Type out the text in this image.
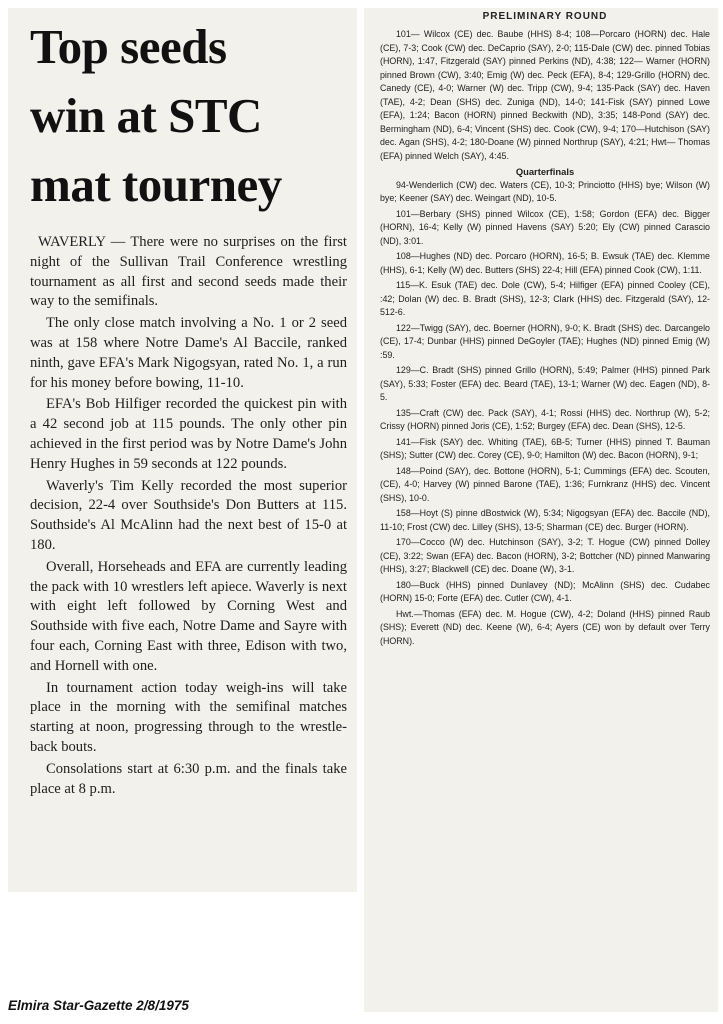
Top seeds
win at STC
mat tourney

WAVERLY — There were no surprises on the first night of the Sullivan Trail Conference wrestling tournament as all first and second seeds made their way to the semifinals.

The only close match involving a No. 1 or 2 seed was at 158 where Notre Dame's Al Baccile, ranked ninth, gave EFA's Mark Nigogsyan, rated No. 1, a run for his money before bowing, 11-10.

EFA's Bob Hilfiger recorded the quickest pin with a 42 second job at 115 pounds. The only other pin achieved in the first period was by Notre Dame's John Henry Hughes in 59 seconds at 122 pounds.

Waverly's Tim Kelly recorded the most superior decision, 22-4 over Southside's Don Butters at 115. Southside's Al McAlinn had the next best of 15-0 at 180.

Overall, Horseheads and EFA are currently leading the pack with 10 wrestlers left apiece. Waverly is next with eight left followed by Corning West and Southside with five each, Notre Dame and Sayre with four each, Corning East with three, Edison with two, and Hornell with one.

In tournament action today weigh-ins will take place in the morning with the semifinal matches starting at noon, progressing through to the wrestle-back bouts.

Consolations start at 6:30 p.m. and the finals take place at 8 p.m.

PRELIMINARY ROUND

101— Wilcox (CE) dec. Baube (HHS) 8-4; 108—Porcaro (HORN) dec. Hale (CE), 7-3; Cook (CW) dec. DeCaprio (SAY), 2-0; 115-Dale (CW) dec. pinned Tobias (HORN), 1:47, Fitzgerald (SAY) pinned Perkins (ND), 4:38; 122— Warner (HORN) pinned Brown (CW), 3:40; Emig (W) dec. Peck (EFA), 8-4; 129-Grillo (HORN) dec. Canedy (CE), 4-0; Warner (W) dec. Tripp (CW), 9-4; 135-Pack (SAY) dec. Haven (TAE), 4-2; Dean (SHS) dec. Zuniga (ND), 14-0; 141-Fisk (SAY) pinned Lowe (EFA), 1:24; Bacon (HORN) pinned Beckwith (ND), 3:35; 148-Pond (SAY) dec. Bermingham (ND), 6-4; Vincent (SHS) dec. Cook (CW), 9-4; 170—Hutchison (SAY) dec. Agan (SHS), 4-2; 180-Doane (W) pinned Northrup (SAY), 4:21; Hwt— Thomas (EFA) pinned Welch (SAY), 4:45.

Quarterfinals

94-Wenderlich (CW) dec. Waters (CE), 10-3; Princiotto (HHS) bye; Wilson (W) bye; Keener (SAY) dec. Weingart (ND), 10-5.

101—Berbary (SHS) pinned Wilcox (CE), 1:58; Gordon (EFA) dec. Bigger (HORN), 16-4; Kelly (W) pinned Havens (SAY) 5:20; Ely (CW) pinned Carascio (ND), 3:01.

108—Hughes (ND) dec. Porcaro (HORN), 16-5; B. Ewsuk (TAE) dec. Klemme (HHS), 6-1; Kelly (W) dec. Butters (SHS) 22-4; Hill (EFA) pinned Cook (CW), 1:11.

115—K. Esuk (TAE) dec. Dole (CW), 5-4; Hilfiger (EFA) pinned Cooley (CE), :42; Dolan (W) dec. B. Bradt (SHS), 12-3; Clark (HHS) dec. Fitzgerald (SAY), 12-512-6.

122—Twigg (SAY), dec. Boerner (HORN), 9-0; K. Bradt (SHS) dec. Darcangelo (CE), 17-4; Dunbar (HHS) pinned DeGoyler (TAE); Hughes (ND) pinned Emig (W) :59.

129—C. Bradt (SHS) pinned Grillo (HORN), 5:49; Palmer (HHS) pinned Park (SAY), 5:33; Foster (EFA) dec. Beard (TAE), 13-1; Warner (W) dec. Eagen (ND), 8-5.

135—Craft (CW) dec. Pack (SAY), 4-1; Rossi (HHS) dec. Northrup (W), 5-2; Crissy (HORN) pinned Joris (CE), 1:52; Burgey (EFA) dec. Dean (SHS), 12-5.

141—Fisk (SAY) dec. Whiting (TAE), 6B-5; Turner (HHS) pinned T. Bauman (SHS); Sutter (CW) dec. Corey (CE), 9-0; Hamilton (W) dec. Bacon (HORN), 9-1;

148—Poind (SAY), dec. Bottone (HORN), 5-1; Cummings (EFA) dec. Scouten, (CE), 4-0; Harvey (W) pinned Barone (TAE), 1:36; Furnkranz (HHS) dec. Vincent (SHS), 10-0.

158—Hoyt (S) pinne dBostwick (W), 5:34; Nigogsyan (EFA) dec. Baccile (ND), 11-10; Frost (CW) dec. Lilley (SHS), 13-5; Sharman (CE) dec. Burger (HORN).

170—Cocco (W) dec. Hutchinson (SAY), 3-2; T. Hogue (CW) pinned Dolley (CE), 3:22; Swan (EFA) dec. Bacon (HORN), 3-2; Bottcher (ND) pinned Manwaring (HHS), 3:27; Blackwell (CE) dec. Doane (W), 3-1.

180—Buck (HHS) pinned Dunlavey (ND); McAlinn (SHS) dec. Cudabec (HORN) 15-0; Forte (EFA) dec. Cutler (CW), 4-1.

Hwt.—Thomas (EFA) dec. M. Hogue (CW), 4-2; Doland (HHS) pinned Raub (SHS); Everett (ND) dec. Keene (W), 6-4; Ayers (CE) won by default over Terry (HORN).

Elmira Star-Gazette 2/8/1975
